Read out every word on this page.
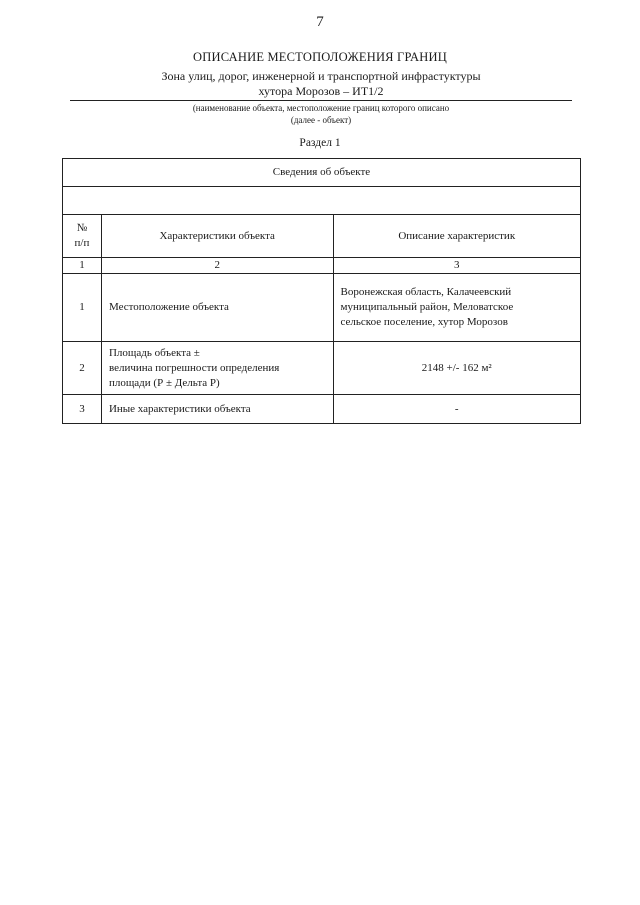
7
ОПИСАНИЕ МЕСТОПОЛОЖЕНИЯ ГРАНИЦ
Зона улиц, дорог, инженерной и транспортной инфрастуктуры
хутора Морозов – ИТ1/2
(наименование объекта, местоположение границ которого описано
(далее - объект)
Раздел 1
Сведения об объекте		

№
п/п	Характеристики объекта	Описание характеристик
1	2	3
1	Местоположение объекта	Воронежская область, Калачеевский
муниципальный район, Меловатское
сельское поселение, хутор Морозов

2	Площадь объекта ±
величина погрешности определения
площади (Р ± Дельта Р)	2148 +/- 162 м²

3	Иные характеристики объекта	-
